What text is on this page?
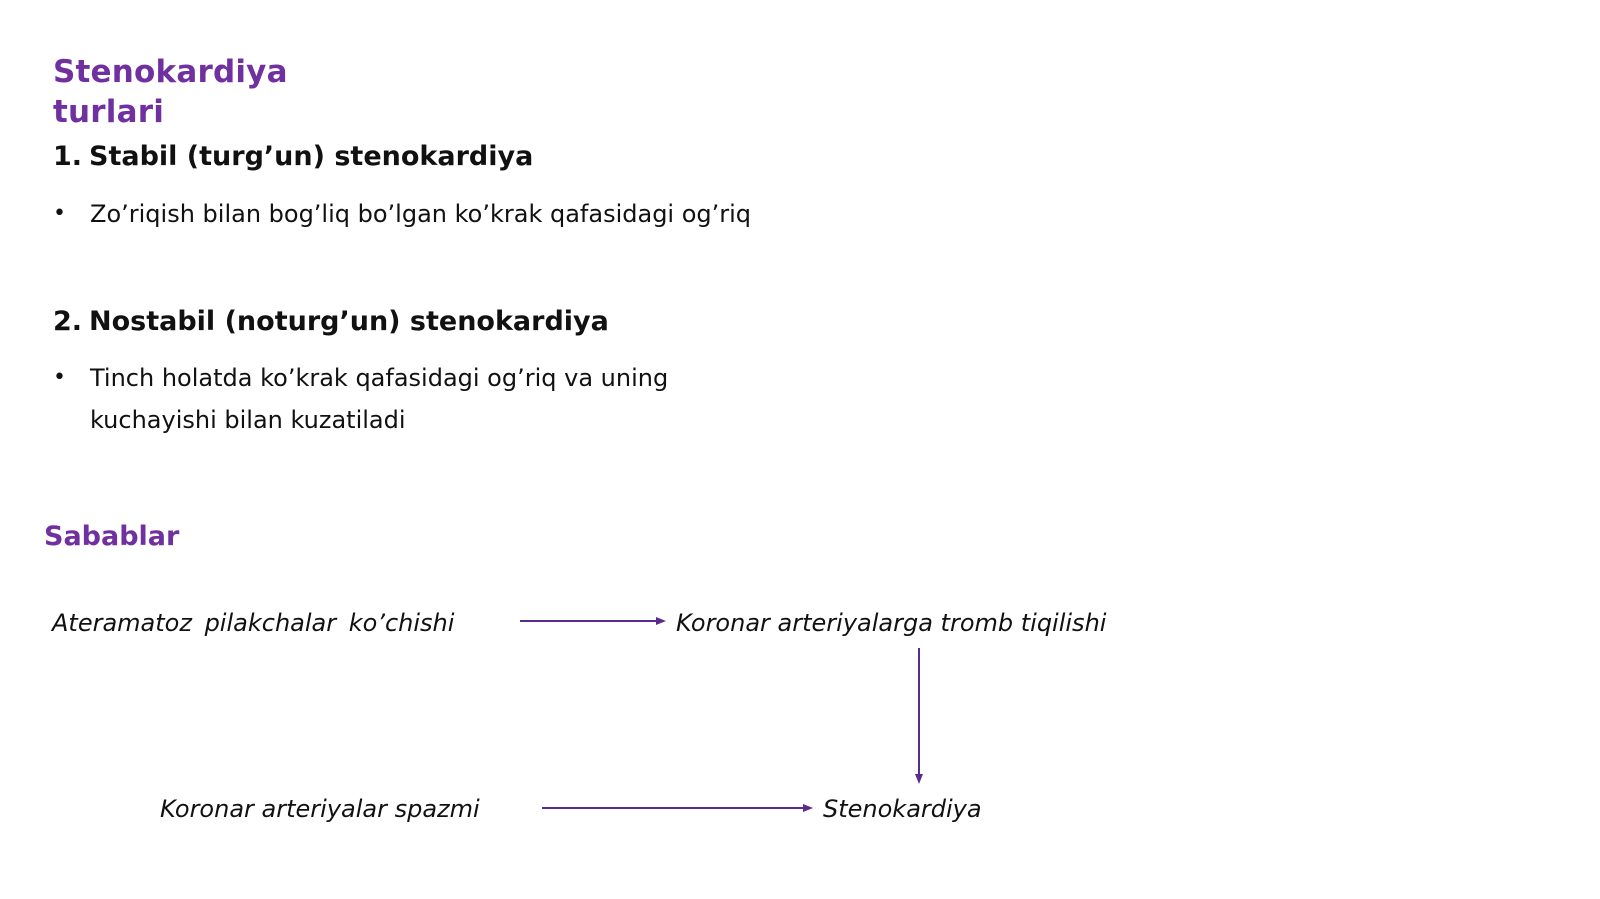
Stenokardiya
turlari
1. Stabil (turg’un) stenokardiya
•	Zo’riqish bilan bog’liq bo’lgan ko’krak qafasidagi og’riq
2. Nostabil (noturg’un) stenokardiya
•	Tinch holatda ko’krak qafasidagi og’riq va uning kuchayishi bilan kuzatiladi
Sabablar
Ateramatoz pilakchalar ko’chishi	Koronar arteriyalarga tromb tiqilishi
Koronar arteriyalar spazmi	Stenokardiya
